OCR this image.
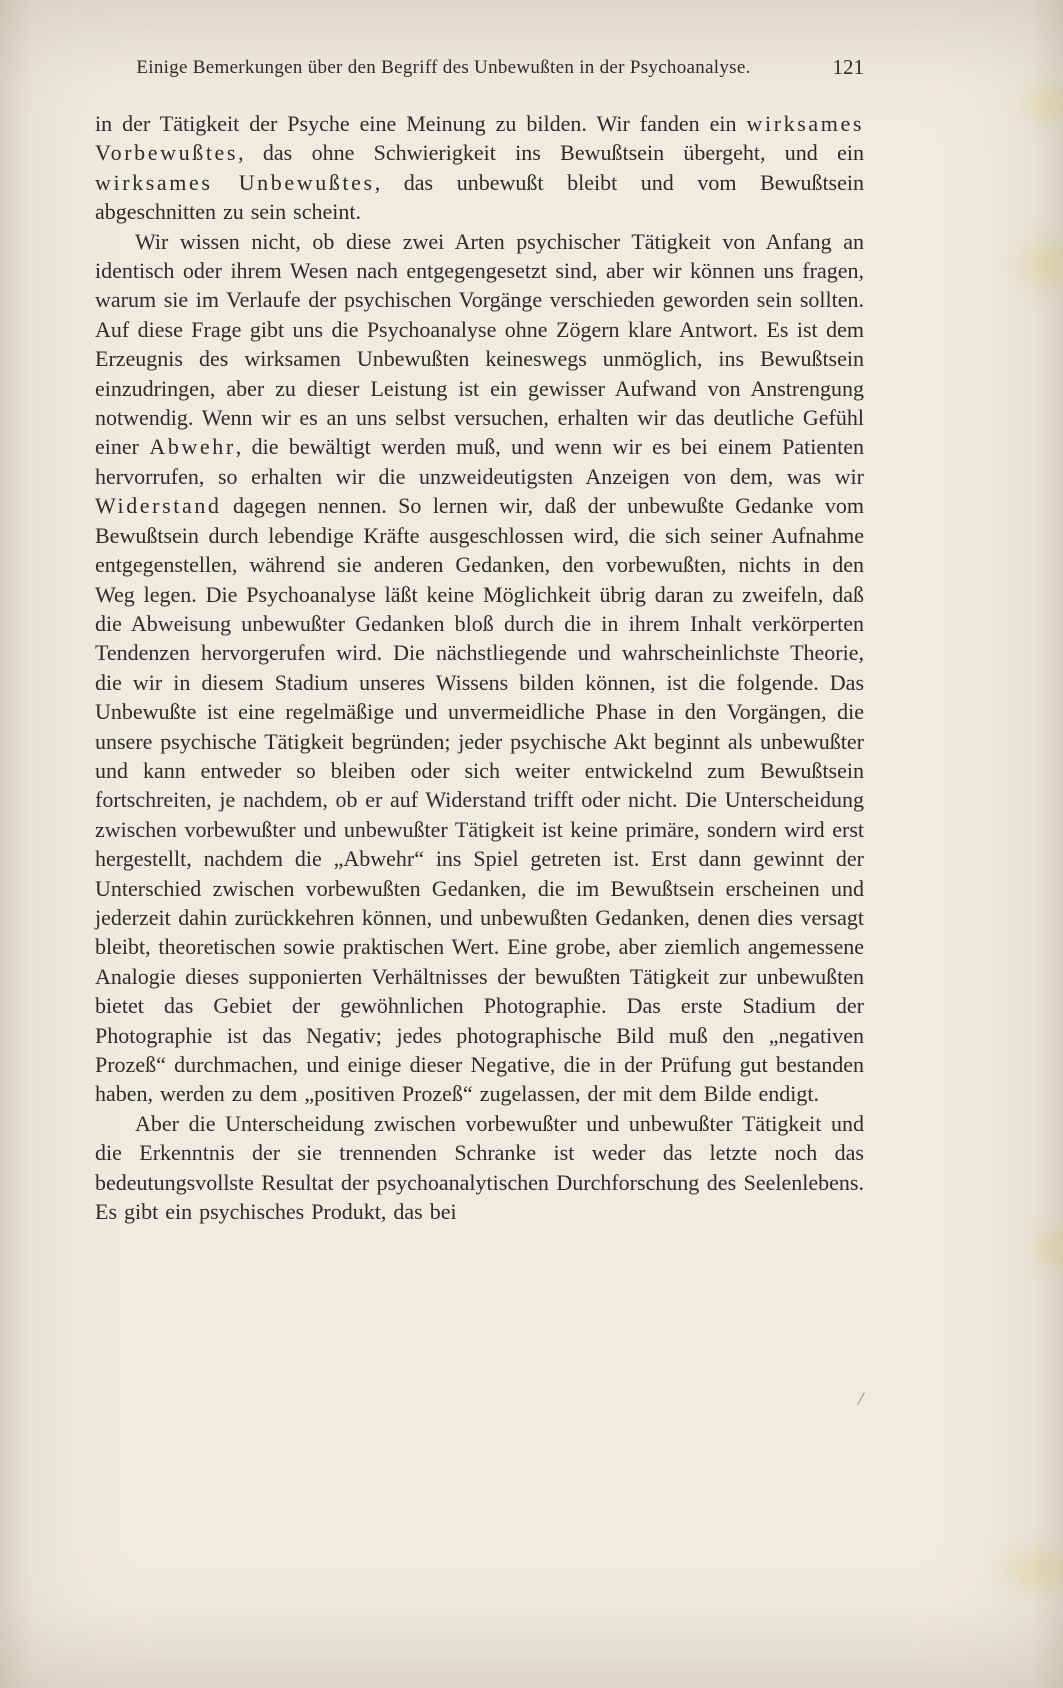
Einige Bemerkungen über den Begriff des Unbewußten in der Psychoanalyse.	121

in der Tätigkeit der Psyche eine Meinung zu bilden. Wir fanden ein wirksames Vorbewußtes, das ohne Schwierigkeit ins Bewußtsein übergeht, und ein wirksames Unbewußtes, das unbewußt bleibt und vom Bewußtsein abgeschnitten zu sein scheint.

Wir wissen nicht, ob diese zwei Arten psychischer Tätigkeit von Anfang an identisch oder ihrem Wesen nach entgegengesetzt sind, aber wir können uns fragen, warum sie im Verlaufe der psychischen Vorgänge verschieden geworden sein sollten. Auf diese Frage gibt uns die Psychoanalyse ohne Zögern klare Antwort. Es ist dem Erzeugnis des wirksamen Unbewußten keineswegs unmöglich, ins Bewußtsein einzudringen, aber zu dieser Leistung ist ein gewisser Aufwand von Anstrengung notwendig. Wenn wir es an uns selbst versuchen, erhalten wir das deutliche Gefühl einer Abwehr, die bewältigt werden muß, und wenn wir es bei einem Patienten hervorrufen, so erhalten wir die unzweideutigsten Anzeigen von dem, was wir Widerstand dagegen nennen. So lernen wir, daß der unbewußte Gedanke vom Bewußtsein durch lebendige Kräfte ausgeschlossen wird, die sich seiner Aufnahme entgegenstellen, während sie anderen Gedanken, den vorbewußten, nichts in den Weg legen. Die Psychoanalyse läßt keine Möglichkeit übrig daran zu zweifeln, daß die Abweisung unbewußter Gedanken bloß durch die in ihrem Inhalt verkörperten Tendenzen hervorgerufen wird. Die nächstliegende und wahrscheinlichste Theorie, die wir in diesem Stadium unseres Wissens bilden können, ist die folgende. Das Unbewußte ist eine regelmäßige und unvermeidliche Phase in den Vorgängen, die unsere psychische Tätigkeit begründen; jeder psychische Akt beginnt als unbewußter und kann entweder so bleiben oder sich weiter entwickelnd zum Bewußtsein fortschreiten, je nachdem, ob er auf Widerstand trifft oder nicht. Die Unterscheidung zwischen vorbewußter und unbewußter Tätigkeit ist keine primäre, sondern wird erst hergestellt, nachdem die „Abwehr“ ins Spiel getreten ist. Erst dann gewinnt der Unterschied zwischen vorbewußten Gedanken, die im Bewußtsein erscheinen und jederzeit dahin zurückkehren können, und unbewußten Gedanken, denen dies versagt bleibt, theoretischen sowie praktischen Wert. Eine grobe, aber ziemlich angemessene Analogie dieses supponierten Verhältnisses der bewußten Tätigkeit zur unbewußten bietet das Gebiet der gewöhnlichen Photographie. Das erste Stadium der Photographie ist das Negativ; jedes photographische Bild muß den „negativen Prozeß“ durchmachen, und einige dieser Negative, die in der Prüfung gut bestanden haben, werden zu dem „positiven Prozeß“ zugelassen, der mit dem Bilde endigt.

Aber die Unterscheidung zwischen vorbewußter und unbewußter Tätigkeit und die Erkenntnis der sie trennenden Schranke ist weder das letzte noch das bedeutungsvollste Resultat der psychoanalytischen Durchforschung des Seelenlebens. Es gibt ein psychisches Produkt, das bei

/
